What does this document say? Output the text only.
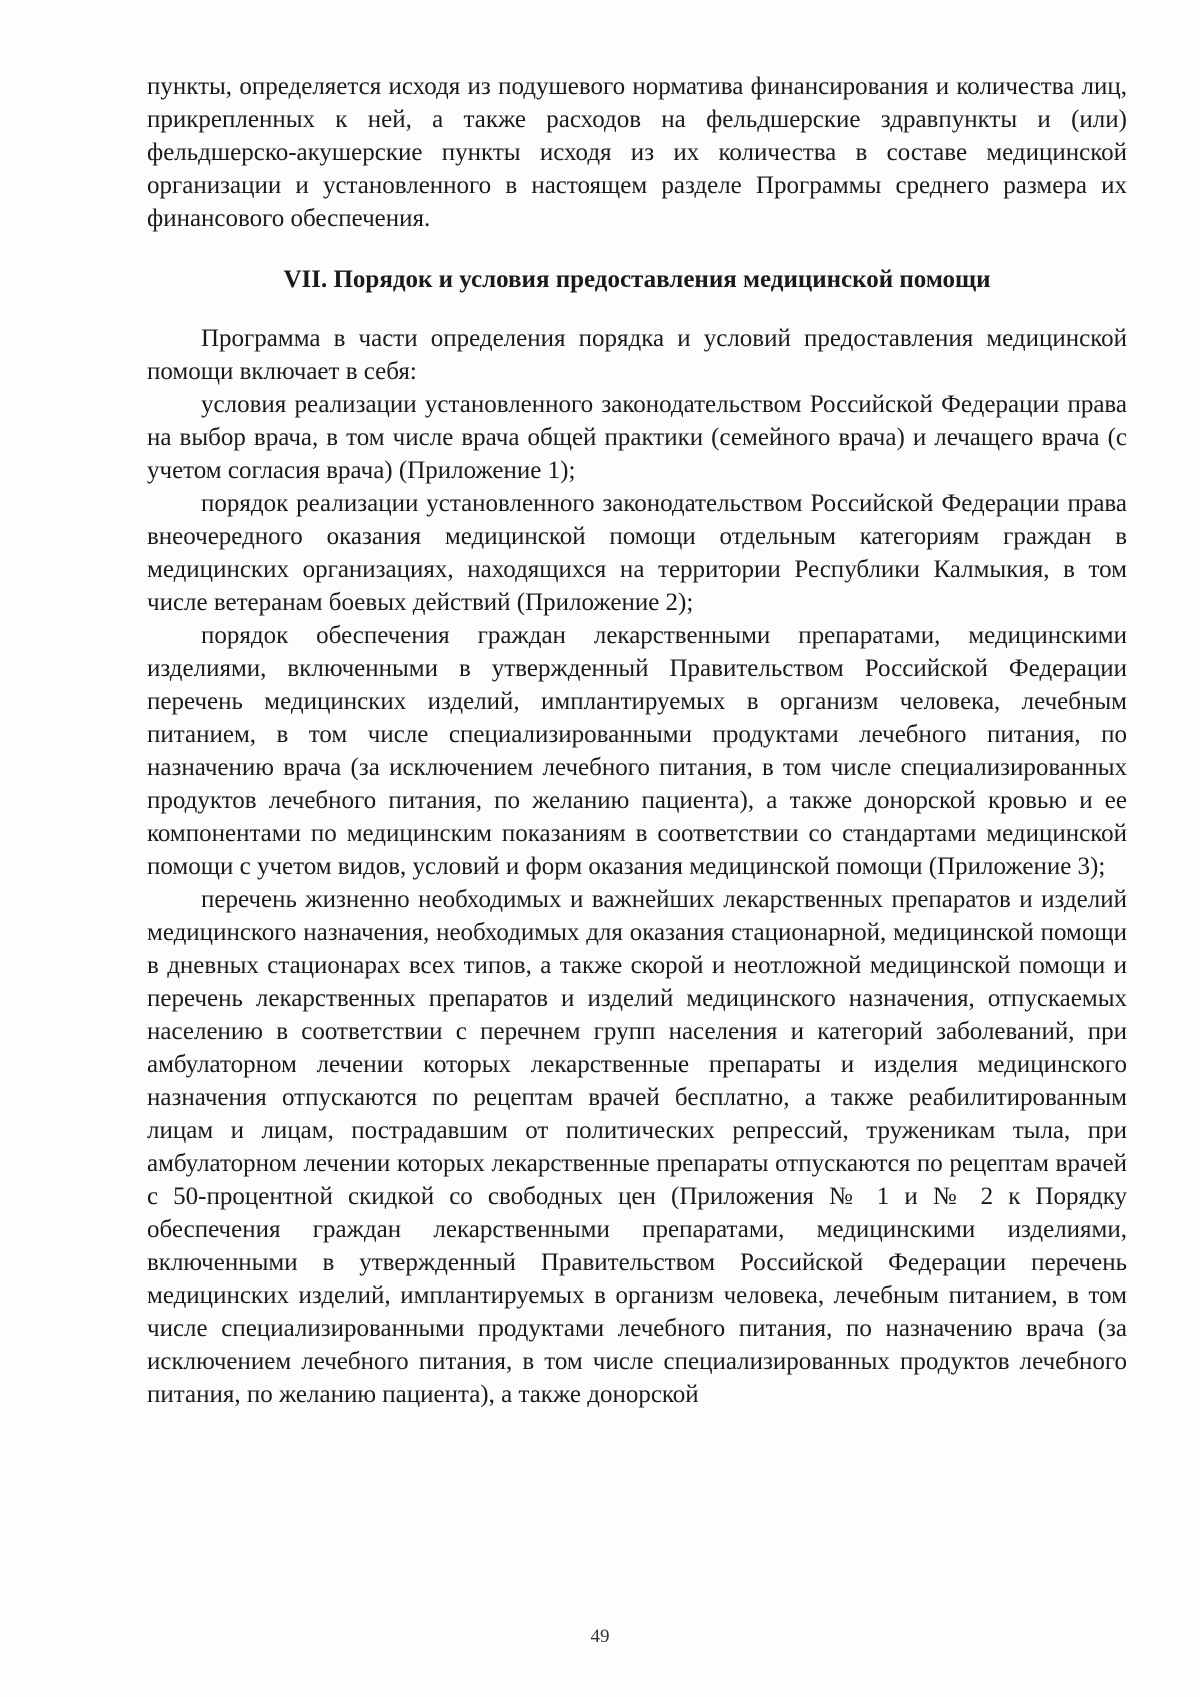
пункты, определяется исходя из подушевого норматива финансирования и количества лиц, прикрепленных к ней, а также расходов на фельдшерские здравпункты и (или) фельдшерско-акушерские пункты исходя из их количества в составе медицинской организации и установленного в настоящем разделе Программы среднего размера их финансового обеспечения.

VII. Порядок и условия предоставления медицинской помощи

Программа в части определения порядка и условий предоставления медицинской помощи включает в себя:

условия реализации установленного законодательством Российской Федерации права на выбор врача, в том числе врача общей практики (семейного врача) и лечащего врача (с учетом согласия врача) (Приложение 1);

порядок реализации установленного законодательством Российской Федерации права внеочередного оказания медицинской помощи отдельным категориям граждан в медицинских организациях, находящихся на территории Республики Калмыкия, в том числе ветеранам боевых действий (Приложение 2);

порядок обеспечения граждан лекарственными препаратами, медицинскими изделиями, включенными в утвержденный Правительством Российской Федерации перечень медицинских изделий, имплантируемых в организм человека, лечебным питанием, в том числе специализированными продуктами лечебного питания, по назначению врача (за исключением лечебного питания, в том числе специализированных продуктов лечебного питания, по желанию пациента), а также донорской кровью и ее компонентами по медицинским показаниям в соответствии со стандартами медицинской помощи с учетом видов, условий и форм оказания медицинской помощи (Приложение 3);

перечень жизненно необходимых и важнейших лекарственных препаратов и изделий медицинского назначения, необходимых для оказания стационарной, медицинской помощи в дневных стационарах всех типов, а также скорой и неотложной медицинской помощи и перечень лекарственных препаратов и изделий медицинского назначения, отпускаемых населению в соответствии с перечнем групп населения и категорий заболеваний, при амбулаторном лечении которых лекарственные препараты и изделия медицинского назначения отпускаются по рецептам врачей бесплатно, а также реабилитированным лицам и лицам, пострадавшим от политических репрессий, труженикам тыла, при амбулаторном лечении которых лекарственные препараты отпускаются по рецептам врачей с 50-процентной скидкой со свободных цен (Приложения № 1 и № 2 к Порядку обеспечения граждан лекарственными препаратами, медицинскими изделиями, включенными в утвержденный Правительством Российской Федерации перечень медицинских изделий, имплантируемых в организм человека, лечебным питанием, в том числе специализированными продуктами лечебного питания, по назначению врача (за исключением лечебного питания, в том числе специализированных продуктов лечебного питания, по желанию пациента), а также донорской

49
